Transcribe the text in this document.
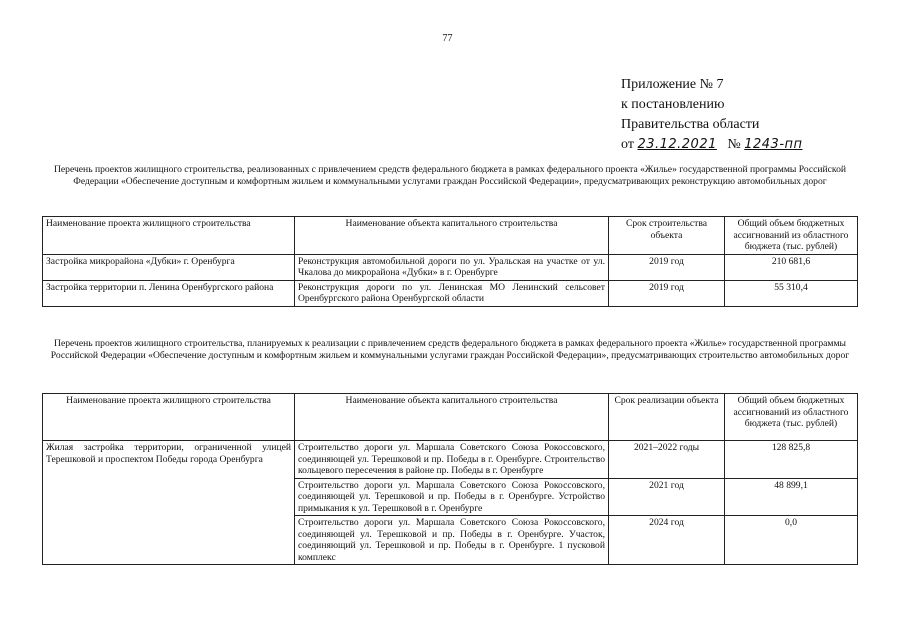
77
Приложение № 7
к постановлению
Правительства области
от 23.12.2021 № 1243-пп
Перечень проектов жилищного строительства, реализованных с привлечением средств федерального бюджета в рамках федерального проекта «Жилье» государственной программы Российской Федерации «Обеспечение доступным и комфортным жильем и коммунальными услугами граждан Российской Федерации», предусматривающих реконструкцию автомобильных дорог
Наименование проекта жилищного строительства	Наименование объекта капитального строительства	Срок строительства объекта	Общий объем бюджетных ассигнований из областного бюджета (тыс. рублей)
Застройка микрорайона «Дубки» г. Оренбурга	Реконструкция автомобильной дороги по ул. Уральская на участке от ул. Чкалова до микрорайона «Дубки» в г. Оренбурге	2019 год	210 681,6
Застройка территории п. Ленина Оренбургского района	Реконструкция дороги по ул. Ленинская МО Ленинский сельсовет Оренбургского района Оренбургской области	2019 год	55 310,4
Перечень проектов жилищного строительства, планируемых к реализации с привлечением средств федерального бюджета в рамках федерального проекта «Жилье» государственной программы Российской Федерации «Обеспечение доступным и комфортным жильем и коммунальными услугами граждан Российской Федерации», предусматривающих строительство автомобильных дорог
Наименование проекта жилищного строительства	Наименование объекта капитального строительства	Срок реализации объекта	Общий объем бюджетных ассигнований из областного бюджета (тыс. рублей)
Жилая застройка территории, ограниченной улицей Терешковой и проспектом Победы города Оренбурга	Строительство дороги ул. Маршала Советского Союза Рокоссовского, соединяющей ул. Терешковой и пр. Победы в г. Оренбурге. Строительство кольцевого пересечения в районе пр. Победы в г. Оренбурге	2021–2022 годы	128 825,8
	Строительство дороги ул. Маршала Советского Союза Рокоссовского, соединяющей ул. Терешковой и пр. Победы в г. Оренбурге. Устройство примыкания к ул. Терешковой в г. Оренбурге	2021 год	48 899,1
	Строительство дороги ул. Маршала Советского Союза Рокоссовского, соединяющей ул. Терешковой и пр. Победы в г. Оренбурге. Участок, соединяющий ул. Терешковой и пр. Победы в г. Оренбурге. 1 пусковой комплекс	2024 год	0,0
